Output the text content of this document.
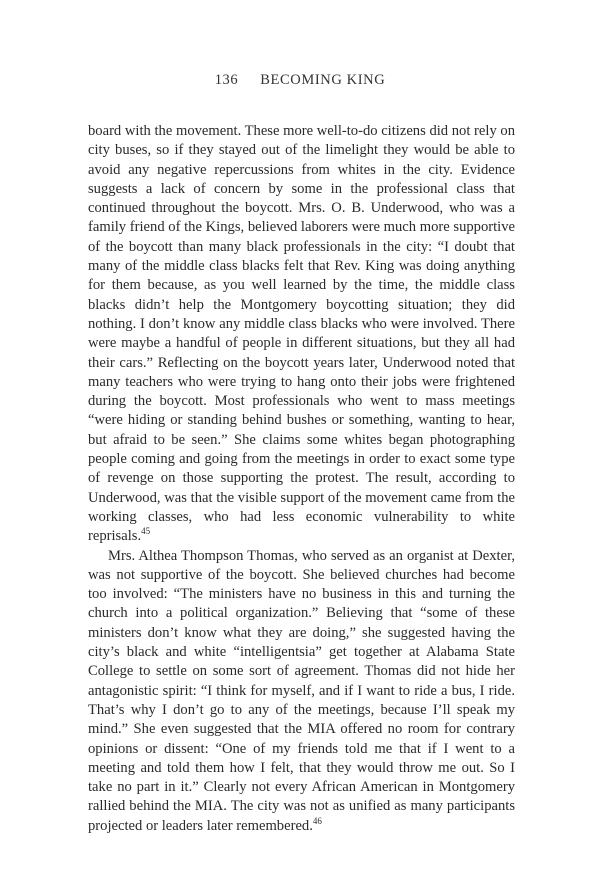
136 BECOMING KING

board with the movement. These more well-to-do citizens did not rely on city buses, so if they stayed out of the limelight they would be able to avoid any negative repercussions from whites in the city. Evidence suggests a lack of concern by some in the professional class that continued throughout the boycott. Mrs. O. B. Underwood, who was a family friend of the Kings, believed laborers were much more supportive of the boycott than many black professionals in the city: “I doubt that many of the middle class blacks felt that Rev. King was doing anything for them because, as you well learned by the time, the middle class blacks didn’t help the Montgomery boycotting situation; they did nothing. I don’t know any middle class blacks who were involved. There were maybe a handful of people in different situations, but they all had their cars.” Reflecting on the boycott years later, Underwood noted that many teachers who were trying to hang onto their jobs were frightened during the boycott. Most professionals who went to mass meetings “were hiding or standing behind bushes or something, wanting to hear, but afraid to be seen.” She claims some whites began photographing people coming and going from the meetings in order to exact some type of revenge on those supporting the protest. The result, according to Underwood, was that the visible support of the movement came from the working classes, who had less economic vulnerability to white reprisals.$^{45}$

Mrs. Althea Thompson Thomas, who served as an organist at Dexter, was not supportive of the boycott. She believed churches had become too involved: “The ministers have no business in this and turning the church into a political organization.” Believing that “some of these ministers don’t know what they are doing,” she suggested having the city’s black and white “intelligentsia” get together at Alabama State College to settle on some sort of agreement. Thomas did not hide her antagonistic spirit: “I think for myself, and if I want to ride a bus, I ride. That’s why I don’t go to any of the meetings, because I’ll speak my mind.” She even suggested that the MIA offered no room for contrary opinions or dissent: “One of my friends told me that if I went to a meeting and told them how I felt, that they would throw me out. So I take no part in it.” Clearly not every African American in Montgomery rallied behind the MIA. The city was not as unified as many participants projected or leaders later remembered.$^{46}$
